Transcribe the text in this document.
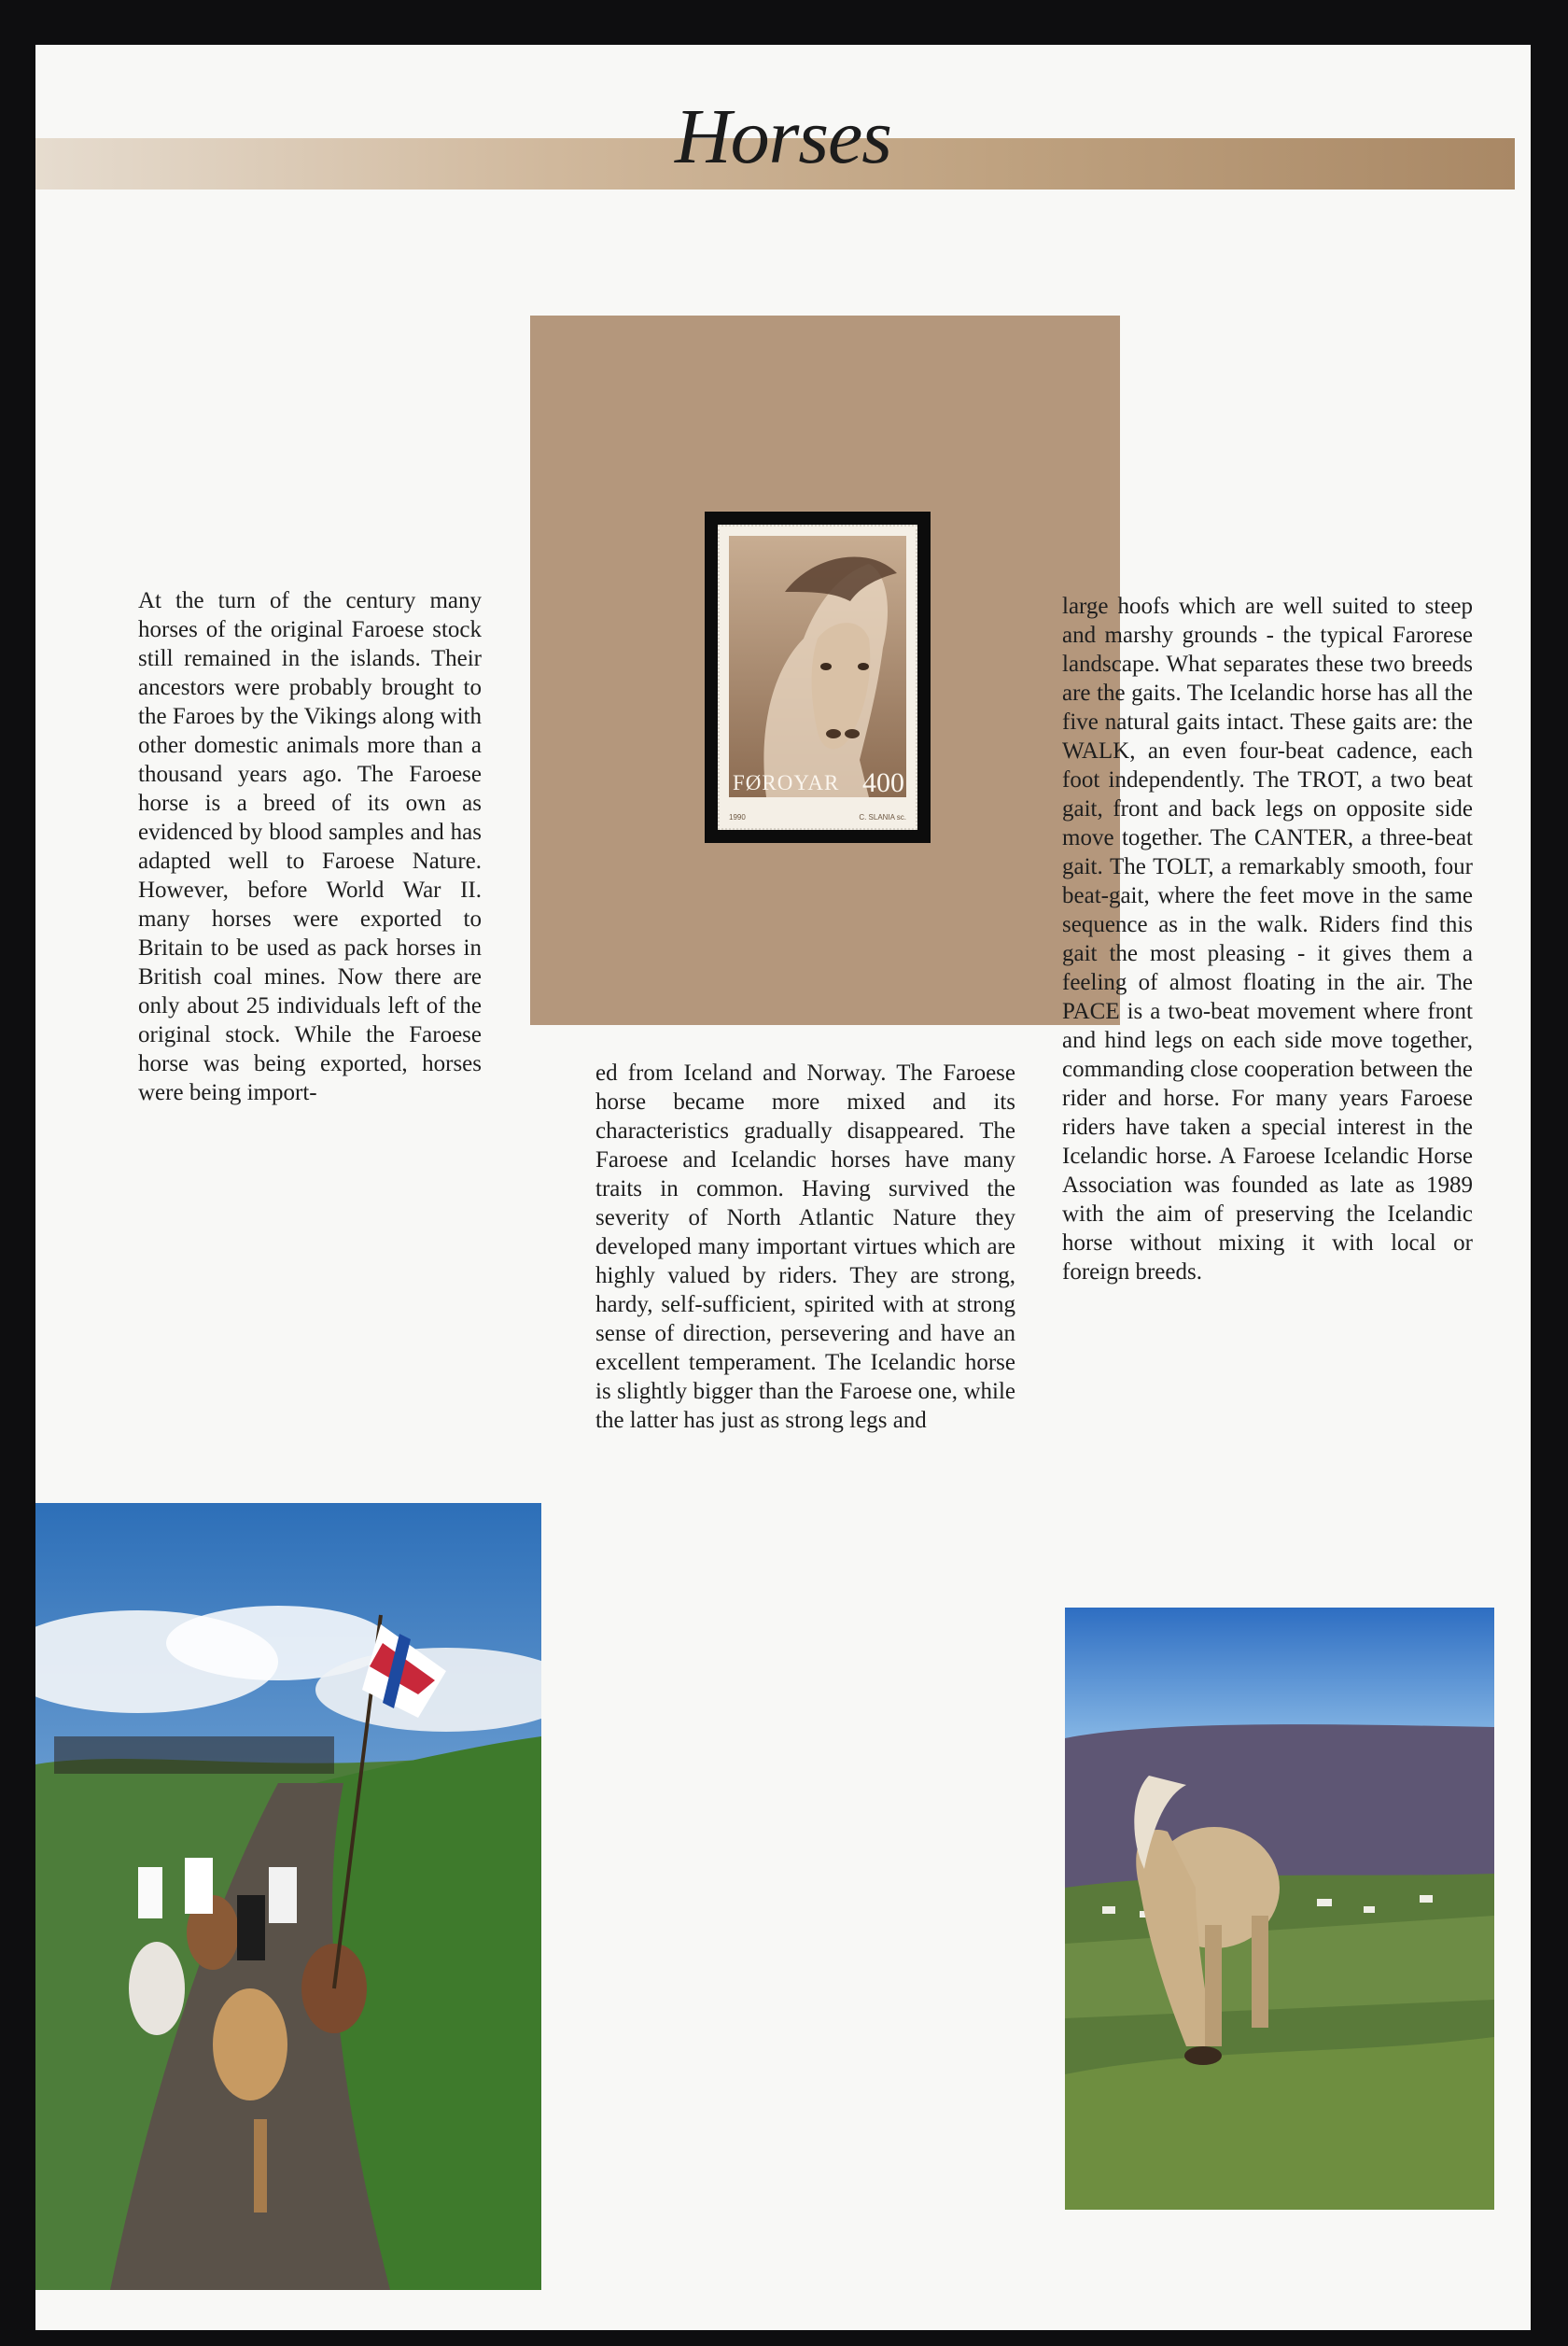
Horses
FØROYAR 400
1990	C. SLANIA sc.

At the turn of the century many horses of the original Faroese stock still remained in the islands. Their ancestors were probably brought to the Faroes by the Vikings along with other domestic animals more than a thousand years ago. The Faroese horse is a breed of its own as evidenced by blood samples and has adapted well to Faroese Nature. However, before World War II. many horses were exported to Britain to be used as pack horses in British coal mines. Now there are only about 25 individuals left of the original stock. While the Faroese horse was being exported, horses were being import-

ed from Iceland and Norway. The Faroese horse became more mixed and its characteristics gradually disappeared. The Faroese and Icelandic horses have many traits in common. Having survived the severity of North Atlantic Nature they developed many important virtues which are highly valued by riders. They are strong, hardy, self-sufficient, spirited with at strong sense of direction, persevering and have an excellent temperament. The Icelandic horse is slightly bigger than the Faroese one, while the latter has just as strong legs and

large hoofs which are well suited to steep and marshy grounds - the typical Farorese landscape. What separates these two breeds are the gaits. The Icelandic horse has all the five natural gaits intact. These gaits are: the WALK, an even four-beat cadence, each foot independently. The TROT, a two beat gait, front and back legs on opposite side move together. The CANTER, a three-beat gait. The TOLT, a remarkably smooth, four beat-gait, where the feet move in the same sequence as in the walk. Riders find this gait the most pleasing - it gives them a feeling of almost floating in the air. The PACE is a two-beat movement where front and hind legs on each side move together, commanding close cooperation between the rider and horse. For many years Faroese riders have taken a special interest in the Icelandic horse. A Faroese Icelandic Horse Association was founded as late as 1989 with the aim of preserving the Icelandic horse without mixing it with local or foreign breeds.
